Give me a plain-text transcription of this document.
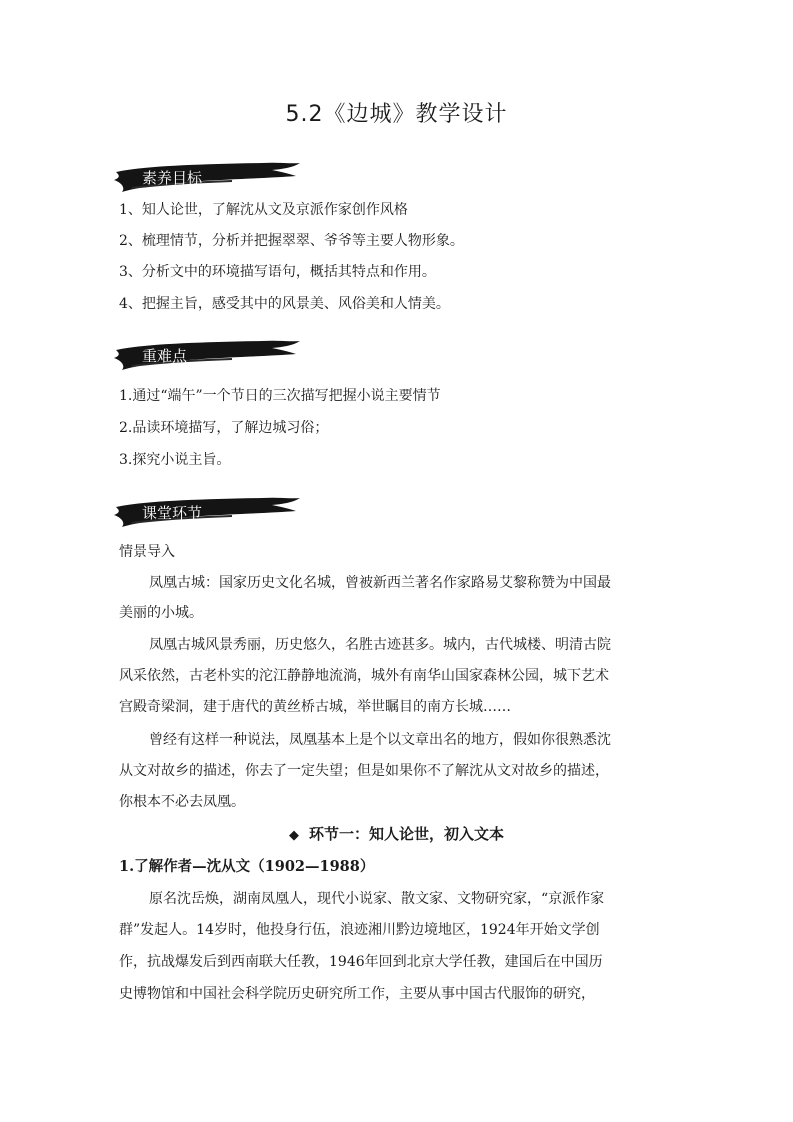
5.2《边城》教学设计
素养目标
1、知人论世，了解沈从文及京派作家创作风格
2、梳理情节，分析并把握翠翠、爷爷等主要人物形象。
3、分析文中的环境描写语句，概括其特点和作用。
4、把握主旨，感受其中的风景美、风俗美和人情美。
重难点
1.通过“端午”一个节日的三次描写把握小说主要情节
2.品读环境描写，了解边城习俗；
3.探究小说主旨。
课堂环节
情景导入
凤凰古城：国家历史文化名城，曾被新西兰著名作家路易艾黎称赞为中国最
美丽的小城。
凤凰古城风景秀丽，历史悠久，名胜古迹甚多。城内，古代城楼、明清古院
风采依然，古老朴实的沱江静静地流淌，城外有南华山国家森林公园，城下艺术
宫殿奇梁洞，建于唐代的黄丝桥古城，举世瞩目的南方长城……
曾经有这样一种说法，凤凰基本上是个以文章出名的地方，假如你很熟悉沈
从文对故乡的描述，你去了一定失望；但是如果你不了解沈从文对故乡的描述，
你根本不必去凤凰。
◆ 环节一：知人论世，初入文本
1.了解作者—沈从文（1902—1988）
原名沈岳焕，湖南凤凰人，现代小说家、散文家、文物研究家，“京派作家
群”发起人。14岁时，他投身行伍，浪迹湘川黔边境地区，1924年开始文学创
作，抗战爆发后到西南联大任教，1946年回到北京大学任教，建国后在中国历
史博物馆和中国社会科学院历史研究所工作，主要从事中国古代服饰的研究，
